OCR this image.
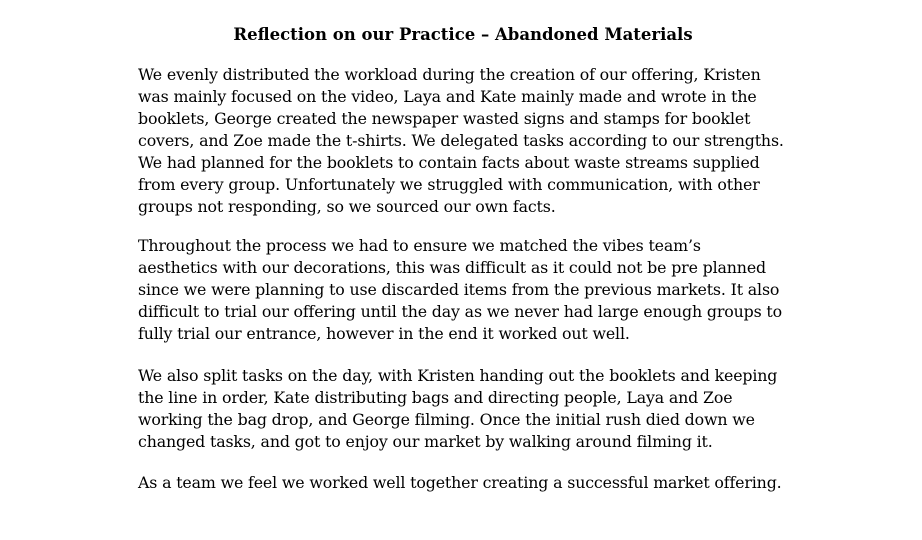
Reflection on our Practice – Abandoned Materials

We evenly distributed the workload during the creation of our offering, Kristen
was mainly focused on the video, Laya and Kate mainly made and wrote in the
booklets, George created the newspaper wasted signs and stamps for booklet
covers, and Zoe made the t-shirts. We delegated tasks according to our strengths.
We had planned for the booklets to contain facts about waste streams supplied
from every group. Unfortunately we struggled with communication, with other
groups not responding, so we sourced our own facts.

Throughout the process we had to ensure we matched the vibes team’s
aesthetics with our decorations, this was difficult as it could not be pre planned
since we were planning to use discarded items from the previous markets. It also
difficult to trial our offering until the day as we never had large enough groups to
fully trial our entrance, however in the end it worked out well.

We also split tasks on the day, with Kristen handing out the booklets and keeping
the line in order, Kate distributing bags and directing people, Laya and Zoe
working the bag drop, and George filming. Once the initial rush died down we
changed tasks, and got to enjoy our market by walking around filming it.

As a team we feel we worked well together creating a successful market offering.
